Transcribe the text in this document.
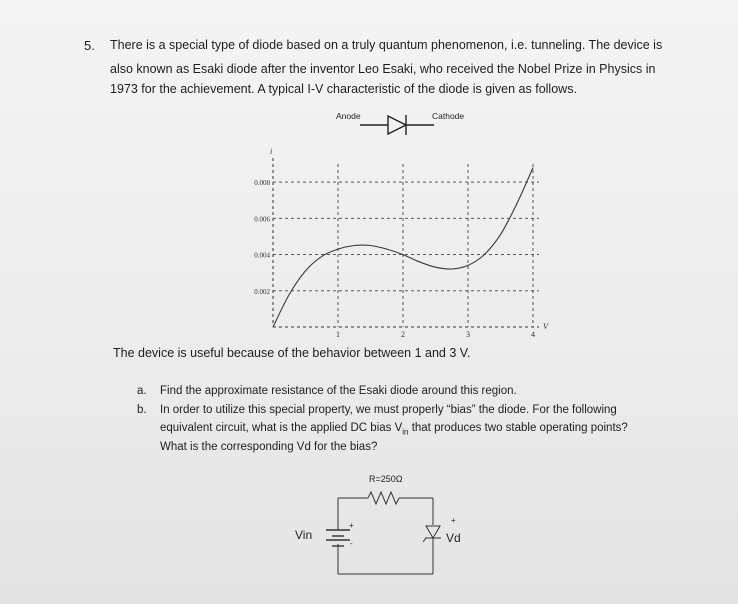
5. There is a special type of diode based on a truly quantum phenomenon, i.e. tunneling. The device is
also known as Esaki diode after the inventor Leo Esaki, who received the Nobel Prize in Physics in
1973 for the achievement. A typical I-V characteristic of the diode is given as follows.
Anode	Cathode
V
i
0.008
0.006
0.004
0.002
1	2	3	4
The device is useful because of the behavior between 1 and 3 V.
a. Find the approximate resistance of the Esaki diode around this region.
b. In order to utilize this special property, we must properly “bias” the diode. For the following
equivalent circuit, what is the applied DC bias $V_{in}$ that produces two stable operating points?
What is the corresponding Vd for the bias?
R=250Ω
Vin
+
-
+
Vd
